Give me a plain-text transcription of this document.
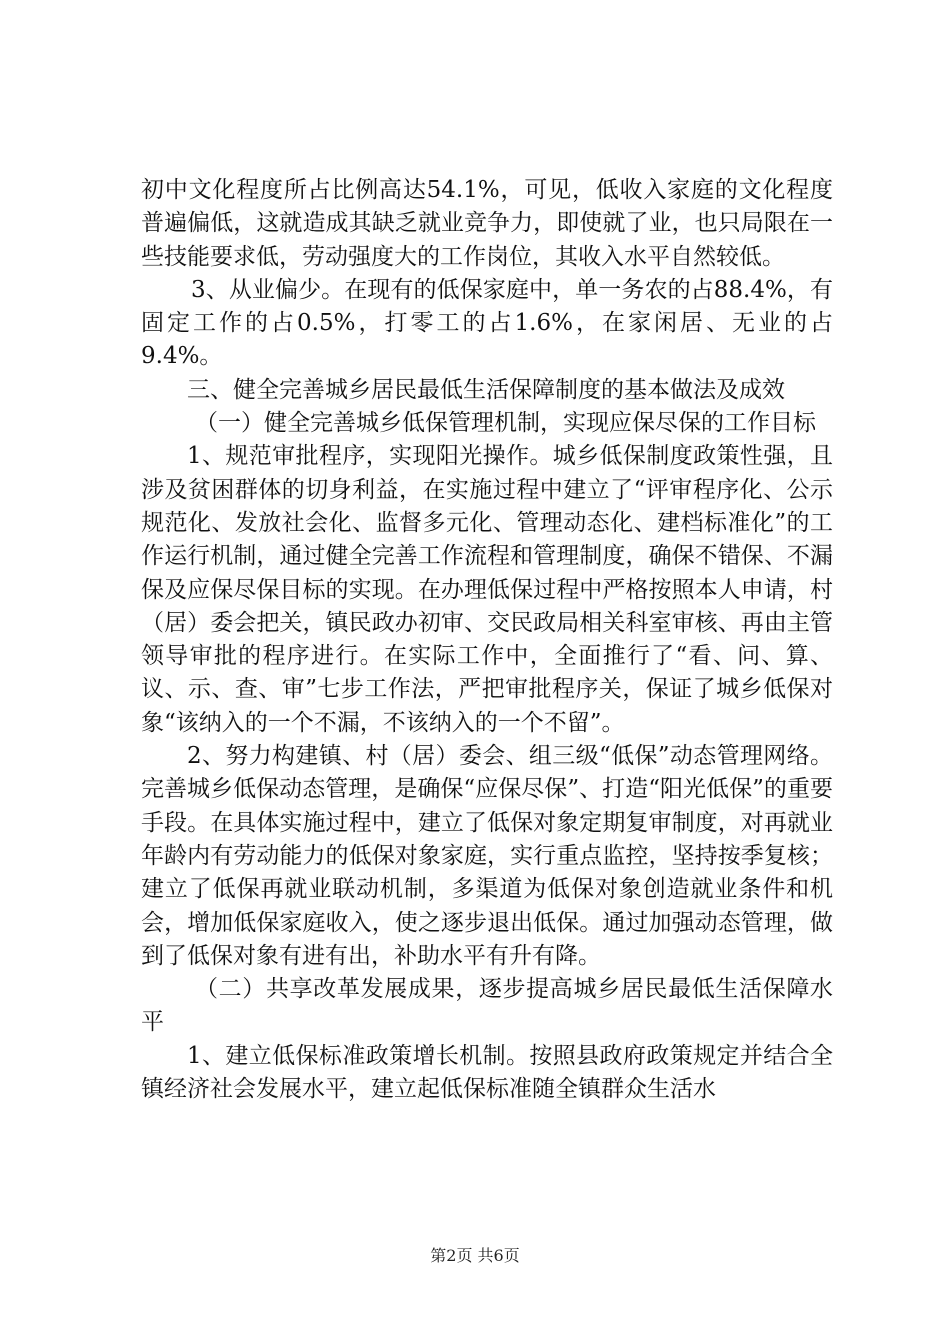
初中文化程度所占比例高达54.1%，可见，低收入家庭的文化程度普遍偏低，这就造成其缺乏就业竞争力，即使就了业，也只局限在一些技能要求低，劳动强度大的工作岗位，其收入水平自然较低。

3、从业偏少。在现有的低保家庭中，单一务农的占88.4%，有固定工作的占0.5%，打零工的占1.6%，在家闲居、无业的占9.4%。

三、健全完善城乡居民最低生活保障制度的基本做法及成效

（一）健全完善城乡低保管理机制，实现应保尽保的工作目标

1、规范审批程序，实现阳光操作。城乡低保制度政策性强，且涉及贫困群体的切身利益，在实施过程中建立了“评审程序化、公示规范化、发放社会化、监督多元化、管理动态化、建档标准化”的工作运行机制，通过健全完善工作流程和管理制度，确保不错保、不漏保及应保尽保目标的实现。在办理低保过程中严格按照本人申请，村（居）委会把关，镇民政办初审、交民政局相关科室审核、再由主管领导审批的程序进行。在实际工作中，全面推行了“看、问、算、议、示、查、审”七步工作法，严把审批程序关，保证了城乡低保对象“该纳入的一个不漏，不该纳入的一个不留”。

2、努力构建镇、村（居）委会、组三级“低保”动态管理网络。完善城乡低保动态管理，是确保“应保尽保”、打造“阳光低保”的重要手段。在具体实施过程中，建立了低保对象定期复审制度，对再就业年龄内有劳动能力的低保对象家庭，实行重点监控，坚持按季复核；建立了低保再就业联动机制，多渠道为低保对象创造就业条件和机会，增加低保家庭收入，使之逐步退出低保。通过加强动态管理，做到了低保对象有进有出，补助水平有升有降。

（二）共享改革发展成果，逐步提高城乡居民最低生活保障水平

1、建立低保标准政策增长机制。按照县政府政策规定并结合全镇经济社会发展水平，建立起低保标准随全镇群众生活水

第2页 共6页
